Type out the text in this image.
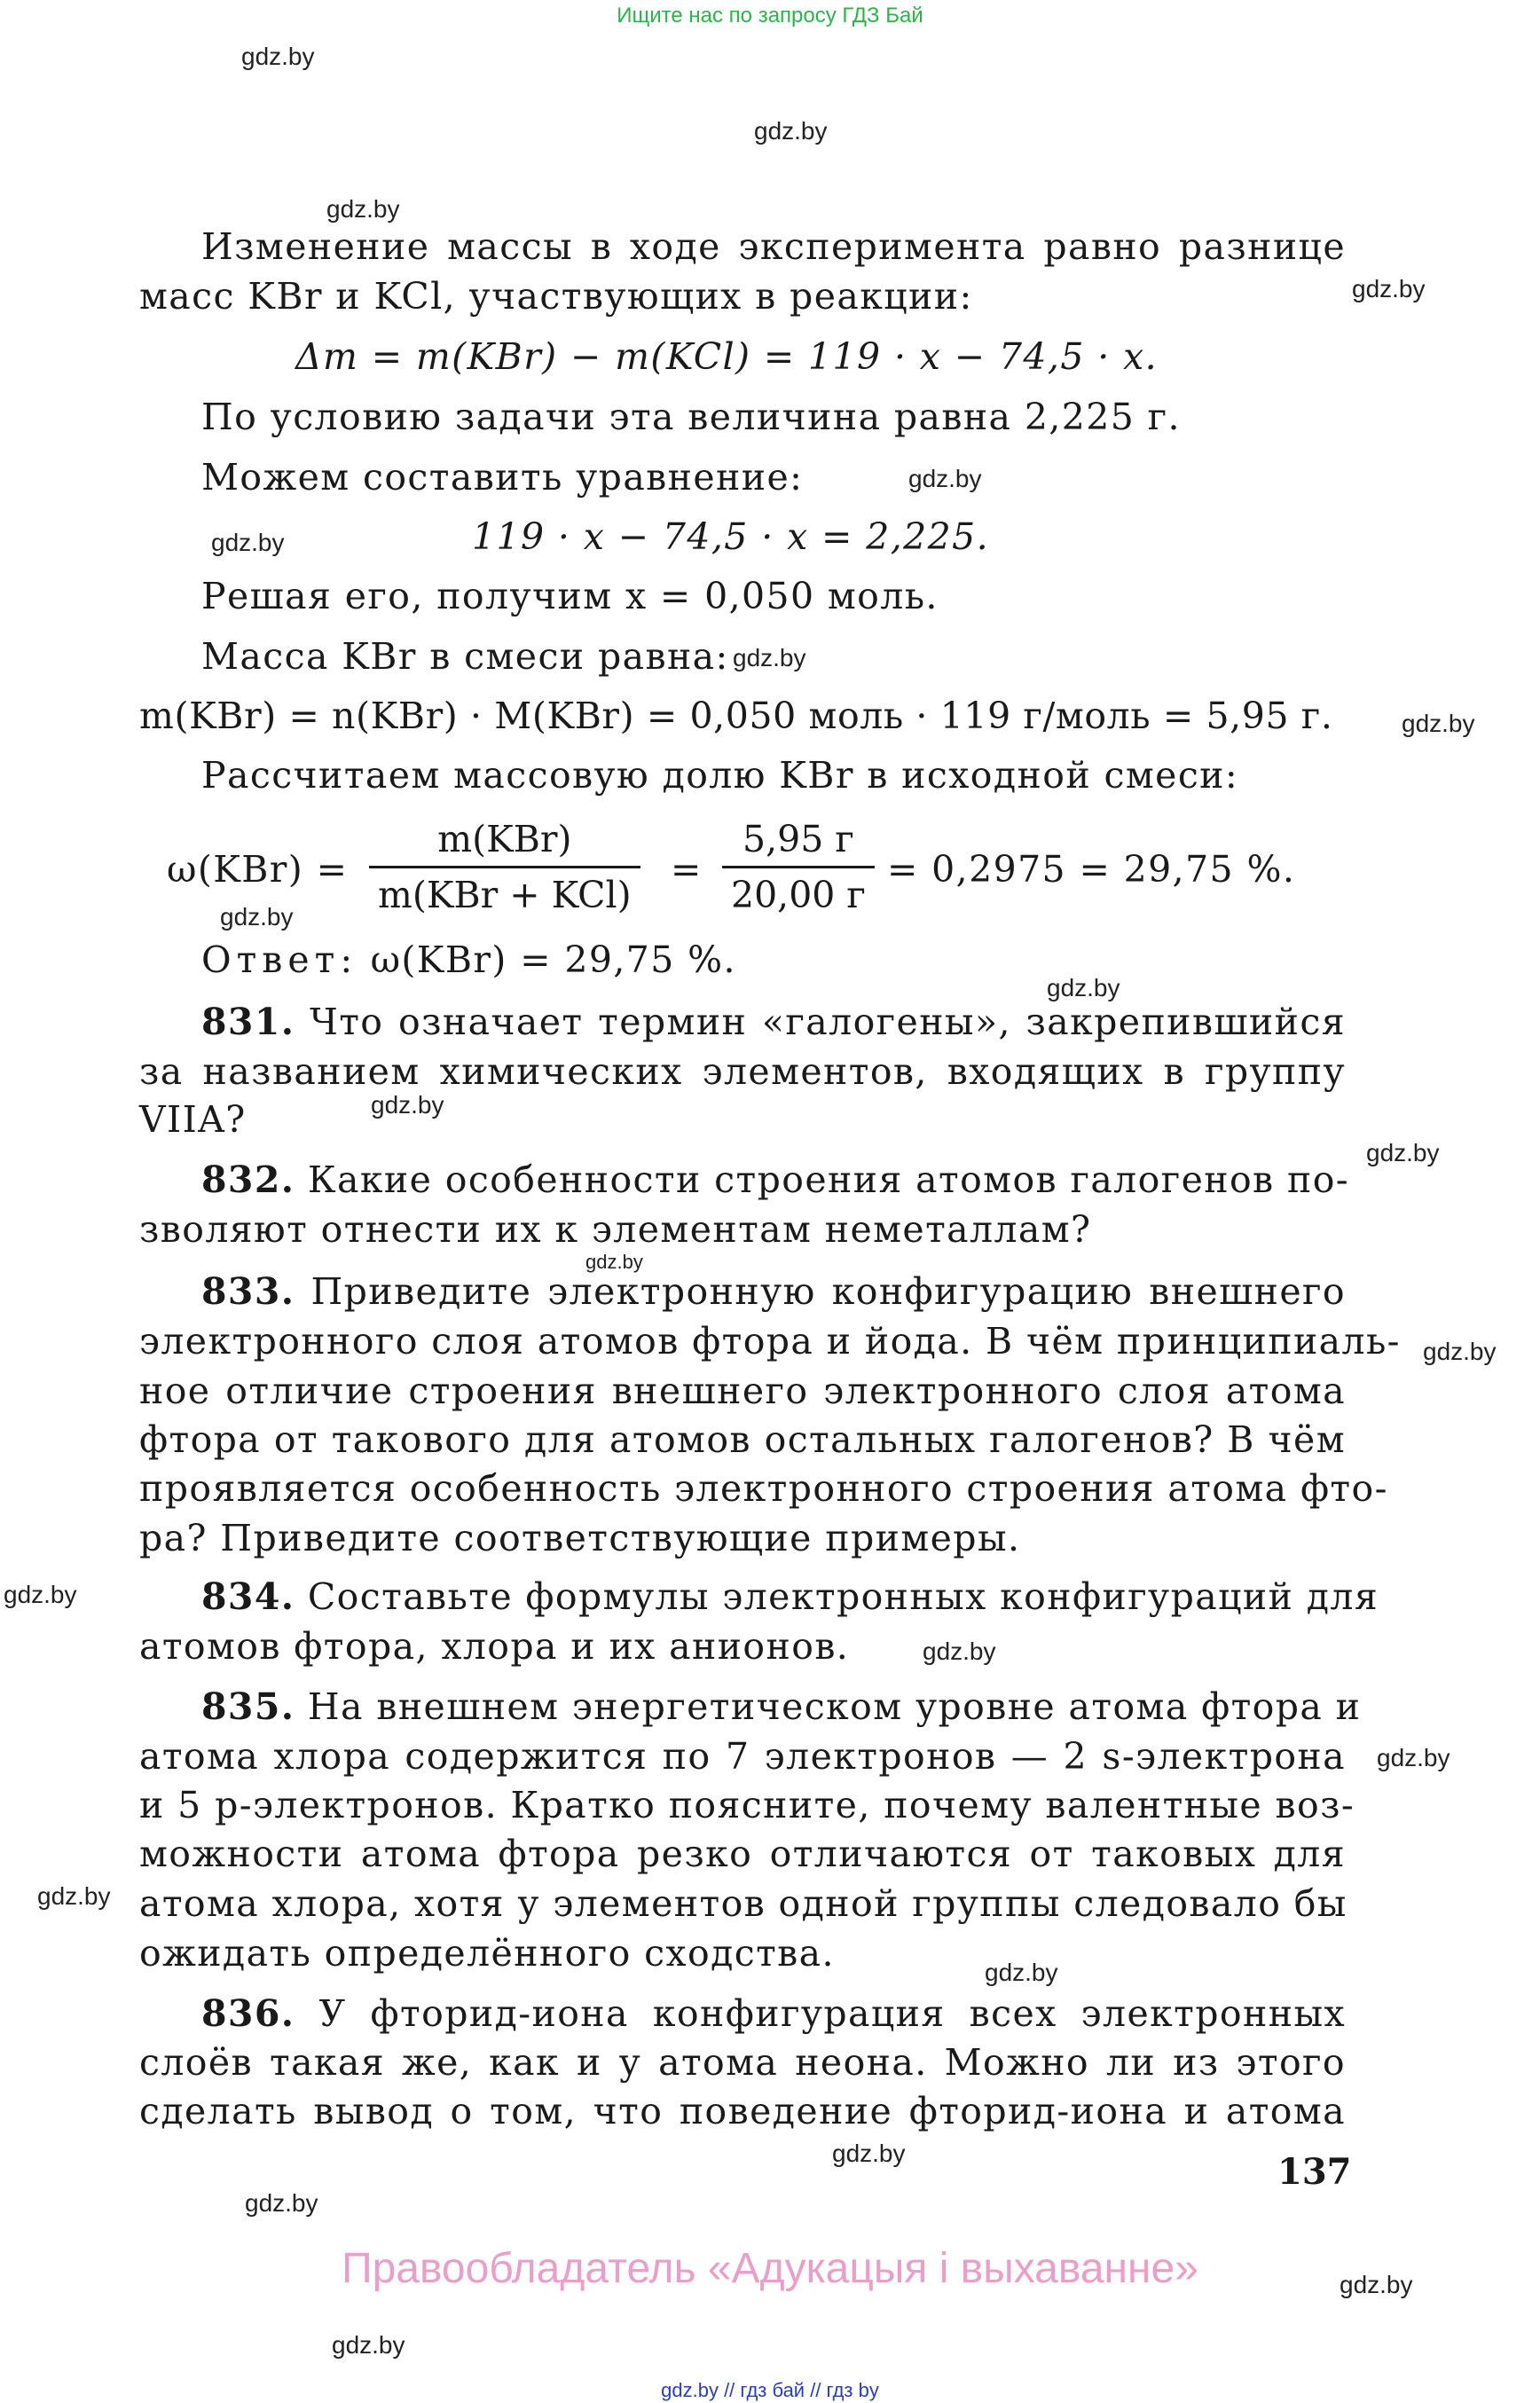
Ищите нас по запросу ГДЗ Бай
gdz.by
gdz.by
gdz.by
gdz.by
gdz.by
gdz.by
gdz.by
gdz.by
gdz.by
gdz.by
gdz.by
gdz.by
gdz.by
gdz.by
gdz.by
gdz.by
gdz.by
gdz.by
gdz.by
gdz.by
gdz.by
gdz.by
gdz.by
Изменение массы в ходе эксперимента равно разнице
масс KBr и KCl, участвующих в реакции:
Δm = m(KBr) − m(KCl) = 119 · x − 74,5 · x.
По условию задачи эта величина равна 2,225 г.
Можем составить уравнение:
119 · x − 74,5 · x = 2,225.
Решая его, получим x = 0,050 моль.
Масса KBr в смеси равна:
m(KBr) = n(KBr) · M(KBr) = 0,050 моль · 119 г/моль = 5,95 г.
Рассчитаем массовую долю KBr в исходной смеси:
ω(KBr) =
m(KBr)
m(KBr + KCl)
=
5,95 г
20,00 г
= 0,2975 = 29,75 %.
Ответ: ω(KBr) = 29,75 %.
831. Что означает термин «галогены», закрепившийся
за названием химических элементов, входящих в группу
VIIA?
832. Какие особенности строения атомов галогенов по-
зволяют отнести их к элементам неметаллам?
833. Приведите электронную конфигурацию внешнего
электронного слоя атомов фтора и йода. В чём принципиаль-
ное отличие строения внешнего электронного слоя атома
фтора от такового для атомов остальных галогенов? В чём
проявляется особенность электронного строения атома фто-
ра? Приведите соответствующие примеры.
834. Составьте формулы электронных конфигураций для
атомов фтора, хлора и их анионов.
835. На внешнем энергетическом уровне атома фтора и
атома хлора содержится по 7 электронов — 2 s-электрона
и 5 p-электронов. Кратко поясните, почему валентные воз-
можности атома фтора резко отличаются от таковых для
атома хлора, хотя у элементов одной группы следовало бы
ожидать определённого сходства.
836. У фторид-иона конфигурация всех электронных
слоёв такая же, как и у атома неона. Можно ли из этого
сделать вывод о том, что поведение фторид-иона и атома
137
Правообладатель «Адукацыя і выхаванне»
gdz.by // гдз бай // гдз by
